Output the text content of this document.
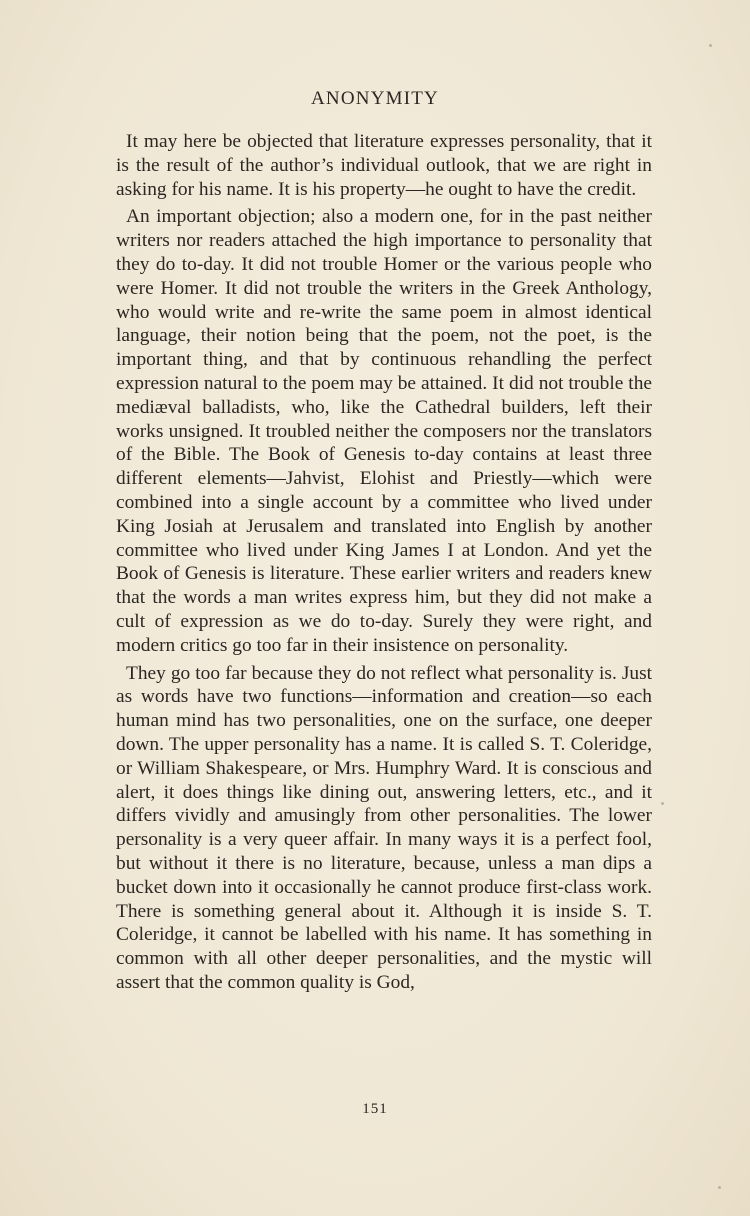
ANONYMITY

It may here be objected that literature expresses personality, that it is the result of the author’s individual outlook, that we are right in asking for his name. It is his property—he ought to have the credit.

An important objection; also a modern one, for in the past neither writers nor readers attached the high importance to personality that they do to-day. It did not trouble Homer or the various people who were Homer. It did not trouble the writers in the Greek Anthology, who would write and re-write the same poem in almost identical language, their notion being that the poem, not the poet, is the important thing, and that by continuous rehandling the perfect expression natural to the poem may be attained. It did not trouble the mediæval balladists, who, like the Cathedral builders, left their works unsigned. It troubled neither the composers nor the translators of the Bible. The Book of Genesis to-day contains at least three different elements—Jahvist, Elohist and Priestly—which were combined into a single account by a committee who lived under King Josiah at Jerusalem and translated into English by another committee who lived under King James I at London. And yet the Book of Genesis is literature. These earlier writers and readers knew that the words a man writes express him, but they did not make a cult of expression as we do to-day. Surely they were right, and modern critics go too far in their insistence on personality.

They go too far because they do not reflect what personality is. Just as words have two functions—information and creation—so each human mind has two personalities, one on the surface, one deeper down. The upper personality has a name. It is called S. T. Coleridge, or William Shakespeare, or Mrs. Humphry Ward. It is conscious and alert, it does things like dining out, answering letters, etc., and it differs vividly and amusingly from other personalities. The lower personality is a very queer affair. In many ways it is a perfect fool, but without it there is no literature, because, unless a man dips a bucket down into it occasionally he cannot produce first-class work. There is something general about it. Although it is inside S. T. Coleridge, it cannot be labelled with his name. It has something in common with all other deeper personalities, and the mystic will assert that the common quality is God,

151
